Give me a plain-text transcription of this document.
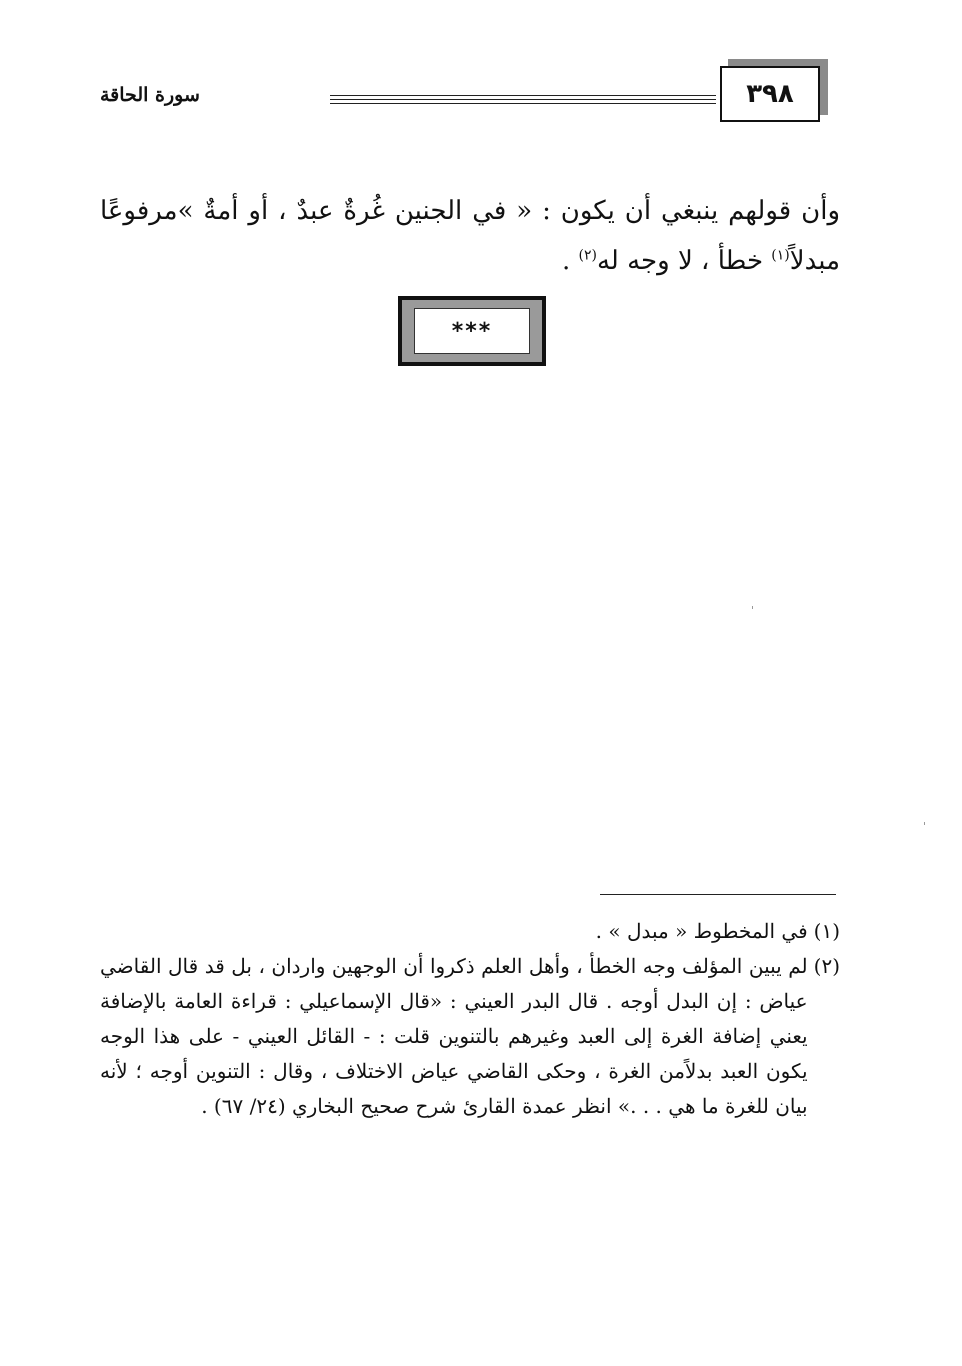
٣٩٨
سورة الحاقة
وأن قولهم ينبغي أن يكون : « في الجنين غُرةٌ عبدٌ ، أو أمةٌ »مرفوعًا مبدلاً$^{(١)}$ خطأ ، لا وجه له$^{(٢)}$ .
***
(١)
في المخطوط « مبدل » .
(٢)
لم يبين المؤلف وجه الخطأ ، وأهل العلم ذكروا أن الوجهين واردان ، بل قد قال القاضي عياض : إن البدل أوجه . قال البدر العيني : «قال الإسماعيلي : قراءة العامة بالإضافة يعني إضافة الغرة إلى العبد وغيرهم بالتنوين قلت : - القائل العيني - على هذا الوجه يكون العبد بدلاًمن الغرة ، وحكى القاضي عياض الاختلاف ، وقال : التنوين أوجه ؛ لأنه بيان للغرة ما هي . . .» انظر عمدة القارئ شرح صحيح البخاري (٢٤/ ٦٧) .
